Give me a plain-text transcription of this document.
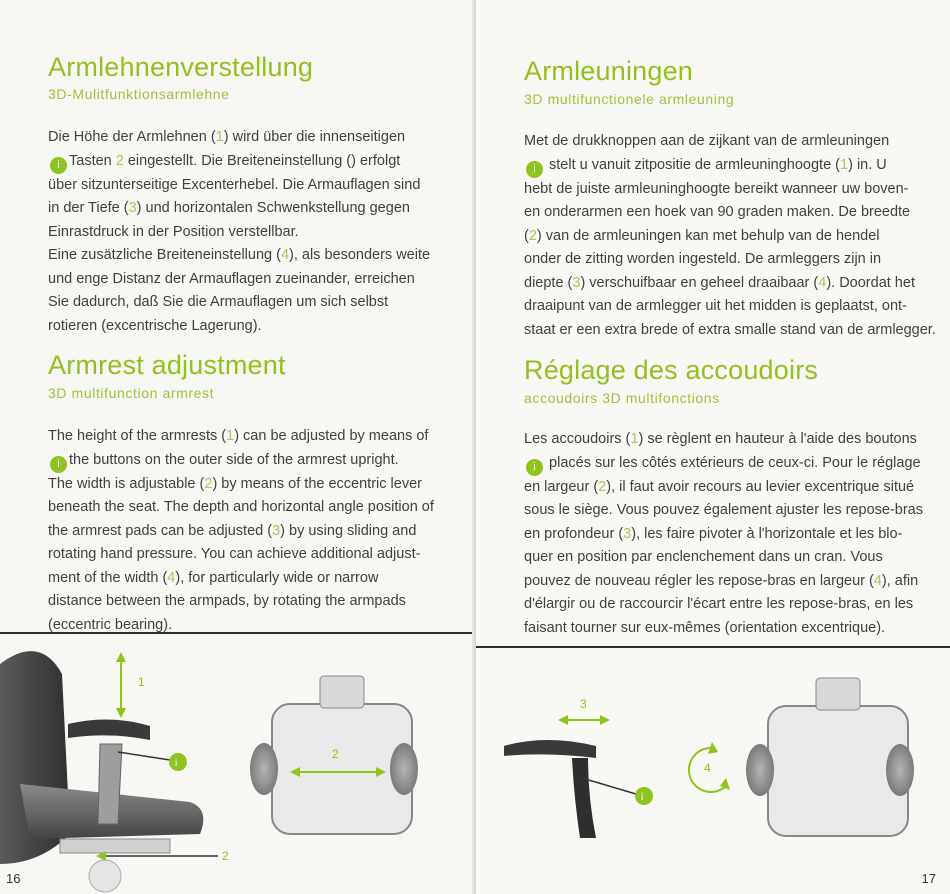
Armlehnenverstellung
3D-Mulitfunktionsarmlehne

Die Höhe der Armlehnen (1) wird über die innenseitigen

i Tasten 2 eingestellt. Die Breiteneinstellung () erfolgt

über sitzunterseitige Excenterhebel. Die Armauflagen sind

in der Tiefe (3) und horizontalen Schwenkstellung gegen

Einrastdruck in der Position verstellbar.

Eine zusätzliche Breiteneinstellung (4), als besonders weite

und enge Distanz der Armauflagen zueinander, erreichen

Sie dadurch, daß Sie die Armauflagen um sich selbst

rotieren (excentrische Lagerung).

Armrest adjustment
3D multifunction armrest

The height of the armrests (1) can be adjusted by means of

i the buttons on the outer side of the armrest upright.

The width is adjustable (2) by means of the eccentric lever

beneath the seat. The depth and horizontal angle position of

the armrest pads can be adjusted (3) by using sliding and

rotating hand pressure. You can achieve additional adjust-

ment of the width (4), for particularly wide or narrow

distance between the armpads, by rotating the armpads

(eccentric bearing).

1
i
2
2
16
Armleuningen
3D multifunctionele armleuning

Met de drukknoppen aan de zijkant van de armleuningen

i stelt u vanuit zitpositie de armleuninghoogte (1) in. U

hebt de juiste armleuninghoogte bereikt wanneer uw boven-

en onderarmen een hoek van 90 graden maken. De breedte

(2) van de armleuningen kan met behulp van de hendel

onder de zitting worden ingesteld. De armleggers zijn in

diepte (3) verschuifbaar en geheel draaibaar (4). Doordat het

draaipunt van de armlegger uit het midden is geplaatst, ont-

staat er een extra brede of extra smalle stand van de armlegger.

Réglage des accoudoirs
accoudoirs 3D multifonctions

Les accoudoirs (1) se règlent en hauteur à l'aide des boutons

i placés sur les côtés extérieurs de ceux-ci. Pour le réglage

en largeur (2), il faut avoir recours au levier excentrique situé

sous le siège. Vous pouvez également ajuster les repose-bras

en profondeur (3), les faire pivoter à l'horizontale et les blo-

quer en position par enclenchement dans un cran. Vous

pouvez de nouveau régler les repose-bras en largeur (4), afin

d'élargir ou de raccourcir l'écart entre les repose-bras, en les

faisant tourner sur eux-mêmes (orientation excentrique).

i
3
4
17
